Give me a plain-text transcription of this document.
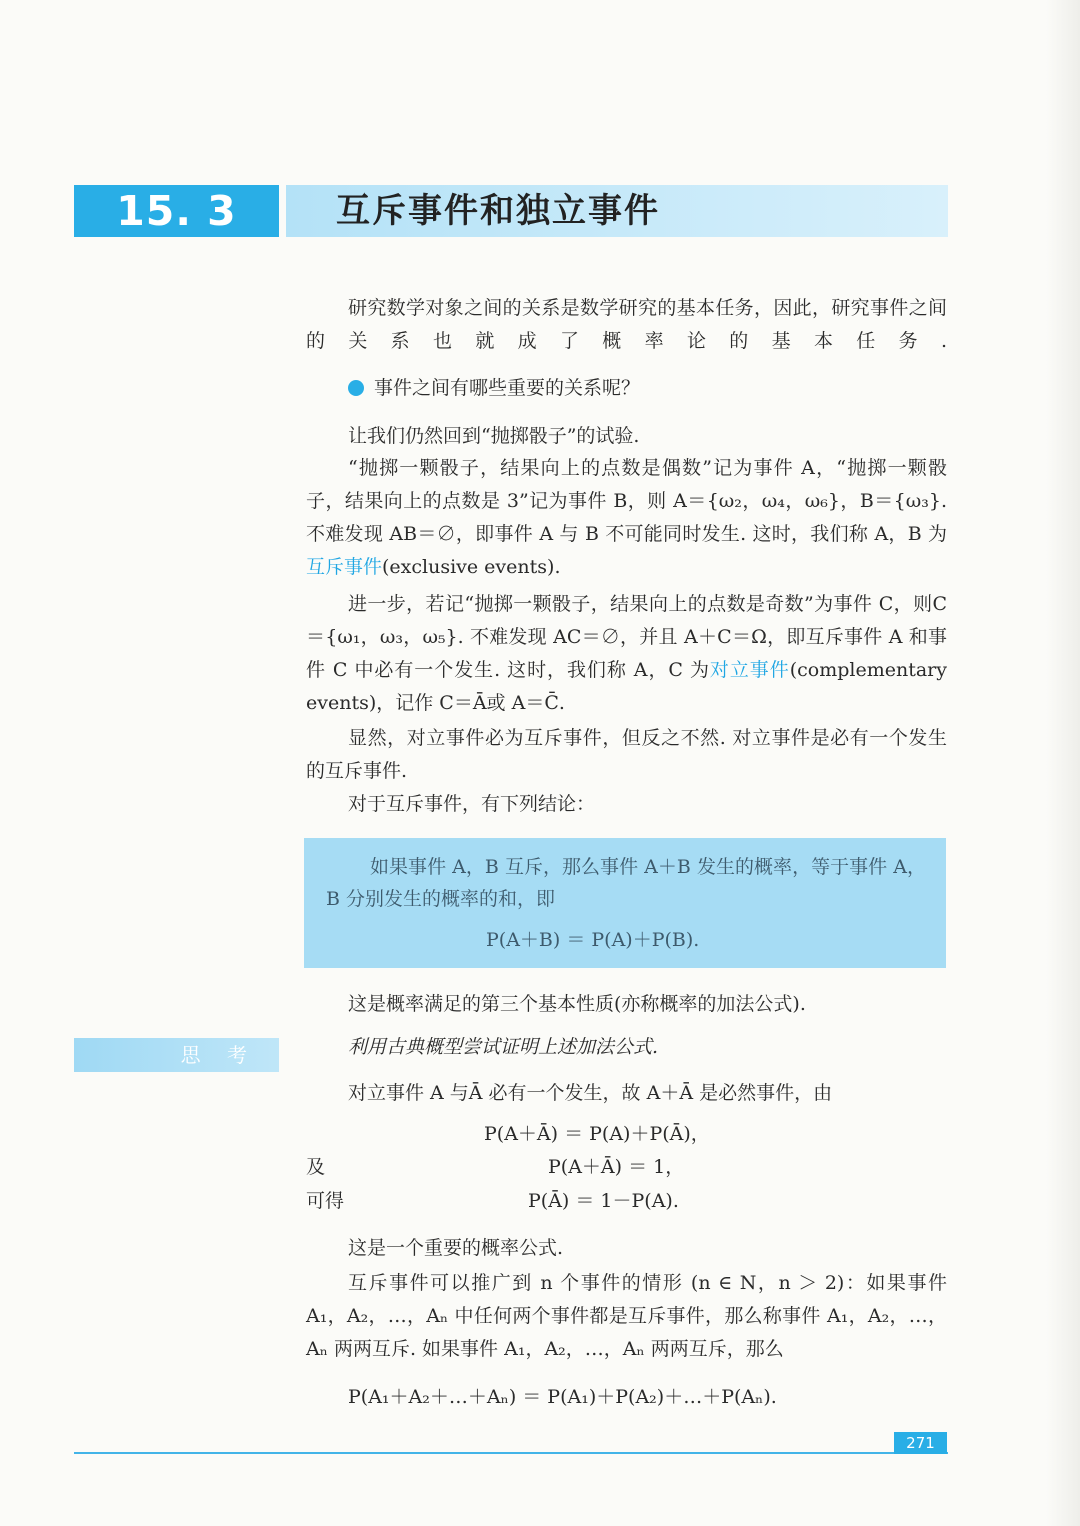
15. 3	互斥事件和独立事件

研究数学对象之间的关系是数学研究的基本任务，因此，研究事件之间的关系也就成了概率论的基本任务.

事件之间有哪些重要的关系呢？

让我们仍然回到“抛掷骰子”的试验.

“抛掷一颗骰子，结果向上的点数是偶数”记为事件 A，“抛掷一颗骰子，结果向上的点数是 3”记为事件 B，则 A＝{ω₂，ω₄，ω₆}，B＝{ω₃}. 不难发现 AB＝∅，即事件 A 与 B 不可能同时发生. 这时，我们称 A，B 为互斥事件(exclusive events).

进一步，若记“抛掷一颗骰子，结果向上的点数是奇数”为事件 C，则C＝{ω₁，ω₃，ω₅}. 不难发现 AC＝∅，并且 A＋C＝Ω，即互斥事件 A 和事件 C 中必有一个发生. 这时，我们称 A，C 为对立事件(complementary events)，记作 C＝Ā或 A＝C̄.

显然，对立事件必为互斥事件，但反之不然. 对立事件是必有一个发生的互斥事件.

对于互斥事件，有下列结论：

如果事件 A，B 互斥，那么事件 A＋B 发生的概率，等于事件 A，B 分别发生的概率的和，即

P(A＋B) ＝ P(A)＋P(B).

这是概率满足的第三个基本性质(亦称概率的加法公式).

思 考	利用古典概型尝试证明上述加法公式.

对立事件 A 与Ā 必有一个发生，故 A＋Ā 是必然事件，由

P(A＋Ā) ＝ P(A)＋P(Ā)，
及	P(A＋Ā) ＝ 1，
可得	P(Ā) ＝ 1－P(A).

这是一个重要的概率公式.

互斥事件可以推广到 n 个事件的情形 (n ∈ N，n ＞ 2)：如果事件 A₁，A₂，…，Aₙ 中任何两个事件都是互斥事件，那么称事件 A₁，A₂，…，Aₙ 两两互斥. 如果事件 A₁，A₂，…，Aₙ 两两互斥，那么

P(A₁＋A₂＋…＋Aₙ) ＝ P(A₁)＋P(A₂)＋…＋P(Aₙ).
271
